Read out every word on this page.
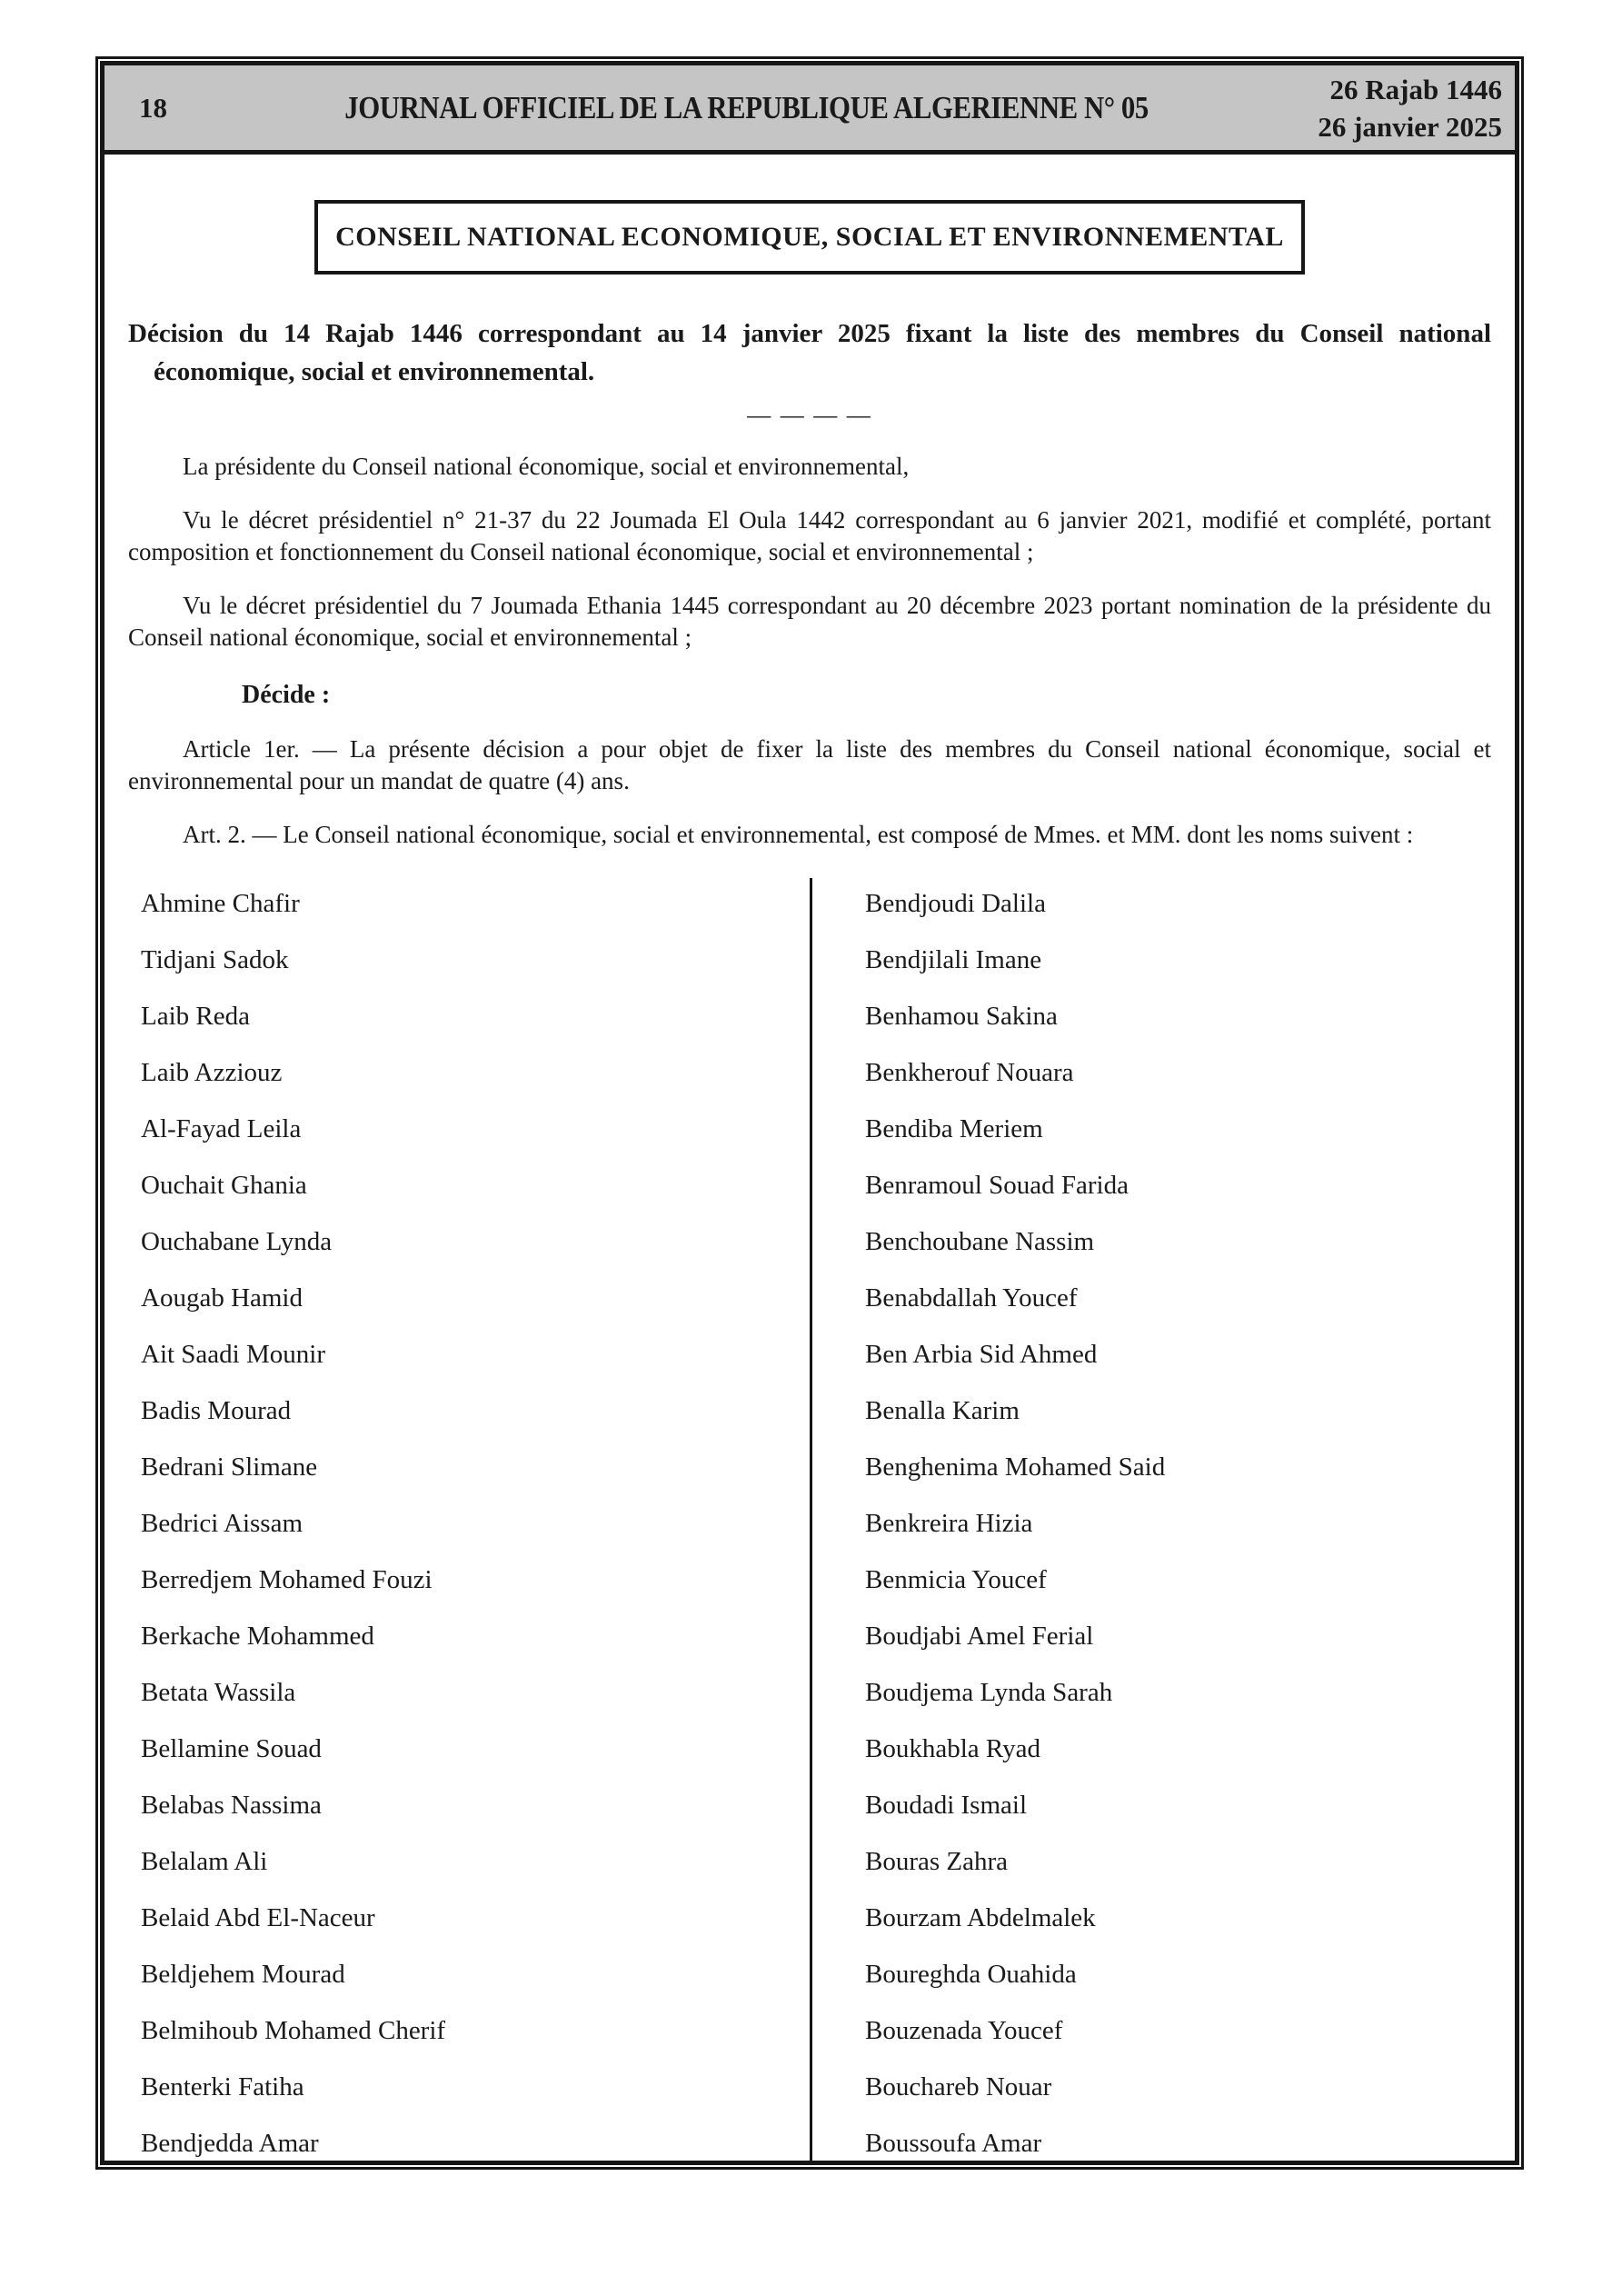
18	JOURNAL OFFICIEL DE LA REPUBLIQUE ALGERIENNE N° 05
26 Rajab 1446
26 janvier 2025
CONSEIL NATIONAL ECONOMIQUE, SOCIAL ET ENVIRONNEMENTAL
Décision du 14 Rajab 1446 correspondant au 14 janvier 2025 fixant la liste des membres du Conseil national
économique, social et environnemental.
— — — —

La présidente du Conseil national économique, social et environnemental,

Vu le décret présidentiel n° 21-37 du 22 Joumada El Oula 1442 correspondant au 6 janvier 2021, modifié et complété, portant composition et fonctionnement du Conseil national économique, social et environnemental ;

Vu le décret présidentiel du 7 Joumada Ethania 1445 correspondant au 20 décembre 2023 portant nomination de la présidente du Conseil national économique, social et environnemental ;

Décide :

Article 1er. — La présente décision a pour objet de fixer la liste des membres du Conseil national économique, social et environnemental pour un mandat de quatre (4) ans.

Art. 2. — Le Conseil national économique, social et environnemental, est composé de Mmes. et MM. dont les noms suivent :

Ahmine Chafir
Tidjani Sadok
Laib Reda
Laib Azziouz
Al-Fayad Leila
Ouchait Ghania
Ouchabane Lynda
Aougab Hamid
Ait Saadi Mounir
Badis Mourad
Bedrani Slimane
Bedrici Aissam
Berredjem Mohamed Fouzi
Berkache Mohammed
Betata Wassila
Bellamine Souad
Belabas Nassima
Belalam Ali
Belaid Abd El-Naceur
Beldjehem Mourad
Belmihoub Mohamed Cherif
Benterki Fatiha
Bendjedda Amar
Bendjoudi Dalila
Bendjilali Imane
Benhamou Sakina
Benkherouf Nouara
Bendiba Meriem
Benramoul Souad Farida
Benchoubane Nassim
Benabdallah Youcef
Ben Arbia Sid Ahmed
Benalla Karim
Benghenima Mohamed Said
Benkreira Hizia
Benmicia Youcef
Boudjabi Amel Ferial
Boudjema Lynda Sarah
Boukhabla Ryad
Boudadi Ismail
Bouras Zahra
Bourzam Abdelmalek
Boureghda Ouahida
Bouzenada Youcef
Bouchareb Nouar
Boussoufa Amar
